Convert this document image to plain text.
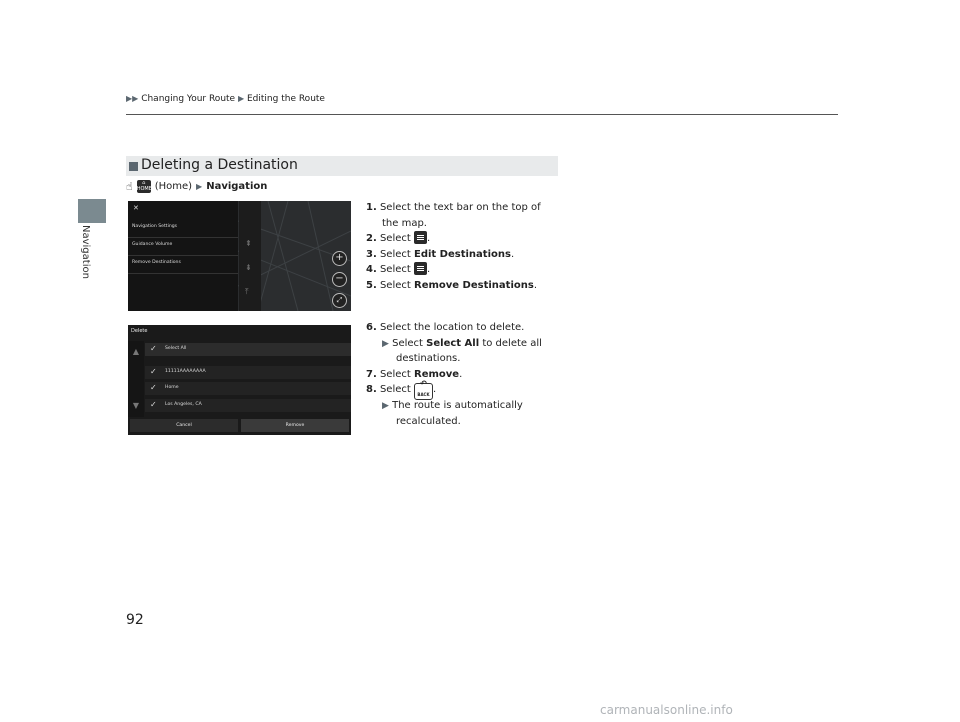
▶▶ Changing Your Route ▶ Editing the Route
Navigation
Deleting a Destination
☝	⌂
HOME (Home) ▶ Navigation
✕
Navigation Settings
Guidance Volume
Remove Destinations
⇞
⇟
⤒
+
−
⤢
Delete
▲
▼
✓ Select All
✓ 11111AAAAAAAA
✓ Home
✓ Los Angeles, CA
Cancel	Remove
1. Select the text bar on the top of
the map.
2. Select .
3. Select Edit Destinations.
4. Select .
5. Select Remove Destinations.
6. Select the location to delete.
▶ Select Select All to delete all
destinations.
7. Select Remove.
8. Select
↶
BACK .
▶ The route is automatically
recalculated.
92
carmanualsonline.info
